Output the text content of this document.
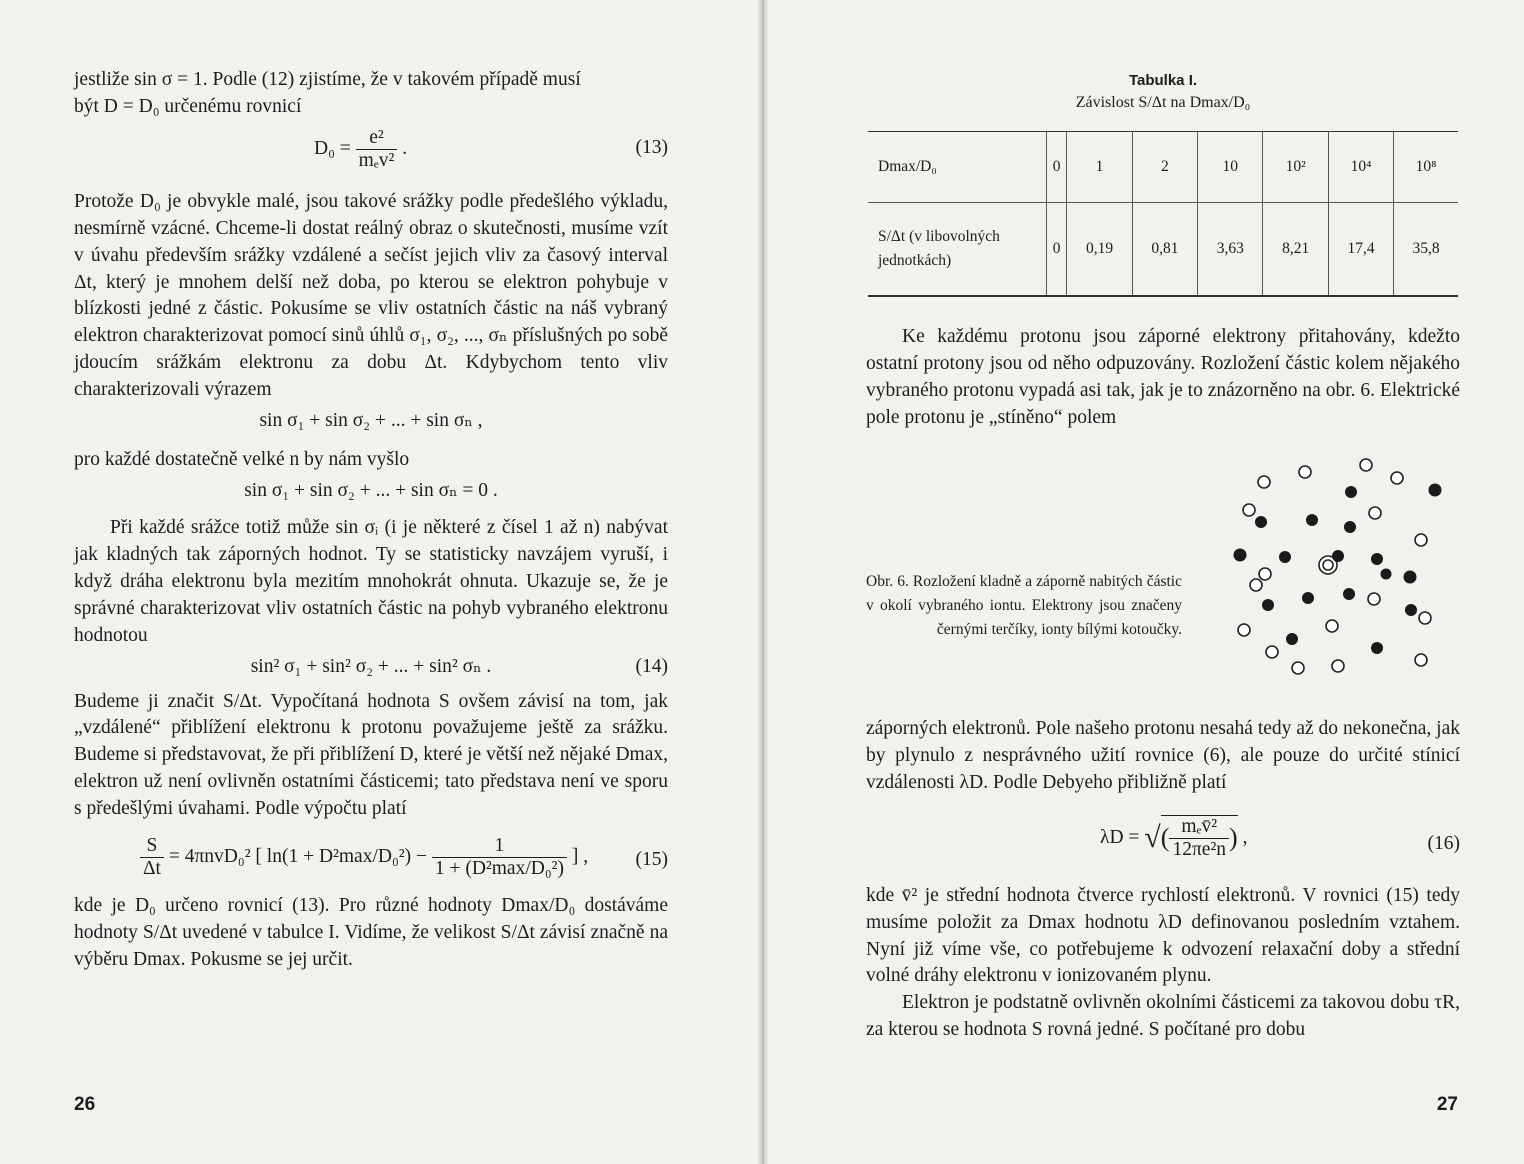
jestliže sin σ = 1. Podle (12) zjistíme, že v takovém případě musí

být D = D₀ určenému rovnicí

$D_0 = \frac{\text{e²}}{\text{mₑv²}}$ .	(13)

Protože D₀ je obvykle malé, jsou takové srážky podle předešlého výkladu, nesmírně vzácné. Chceme-li dostat reálný obraz o skutečnosti, musíme vzít v úvahu především srážky vzdálené a sečíst jejich vliv za časový interval Δt, který je mnohem delší než doba, po kterou se elektron pohybuje v blízkosti jedné z částic. Pokusíme se vliv ostatních částic na náš vybraný elektron charakterizovat pomocí sinů úhlů σ₁, σ₂, ..., σₙ příslušných po sobě jdoucím srážkám elektronu za dobu Δt. Kdybychom tento vliv charakterizovali výrazem

sin σ₁ + sin σ₂ + ... + sin σₙ ,

pro každé dostatečně velké n by nám vyšlo

sin σ₁ + sin σ₂ + ... + sin σₙ = 0 .

Při každé srážce totiž může sin σᵢ (i je některé z čísel 1 až n) nabývat jak kladných tak záporných hodnot. Ty se statisticky navzájem vyruší, i když dráha elektronu byla mezitím mnohokrát ohnuta. Ukazuje se, že je správné charakterizovat vliv ostatních částic na pohyb vybraného elektronu hodnotou

sin² σ₁ + sin² σ₂ + ... + sin² σₙ .	(14)

Budeme ji značit S/Δt. Vypočítaná hodnota S ovšem závisí na tom, jak „vzdálené“ přiblížení elektronu k protonu považujeme ještě za srážku. Budeme si představovat, že při přiblížení D, které je větší než nějaké Dmax, elektron už není ovlivněn ostatními částicemi; tato představa není ve sporu s předešlými úvahami. Podle výpočtu platí

$\frac{S}{\Delta t} = 4\pi nvD_0^2$ [ $\ln(1 + D^2\max/D_0^2) - \frac{1}{\text{1 + (D²max/D₀²)}}$ ] , (15)

kde je D₀ určeno rovnicí (13). Pro různé hodnoty Dmax/D₀ dostáváme hodnoty S/Δt uvedené v tabulce I. Vidíme, že velikost S/Δt závisí značně na výběru Dmax. Pokusme se jej určit.

26
Tabulka I.
Závislost S/Δt na Dmax/D₀
Dmax/D₀	0	1	2	10	10²	10⁴	10⁸
S/Δt (v libovolných
jednotkách)	0	0,19	0,81	3,63	8,21	17,4	35,8

Ke každému protonu jsou záporné elektrony přitahovány, kdežto ostatní protony jsou od něho odpuzovány. Rozložení částic kolem nějakého vybraného protonu vypadá asi tak, jak je to znázorněno na obr. 6. Elektrické pole protonu je „stíněno“ polem

Obr. 6. Rozložení kladně a záporně nabitých částic v okolí vybraného iontu. Elektrony jsou značeny černými terčíky, ionty bílými kotoučky.

záporných elektronů. Pole našeho protonu nesahá tedy až do nekonečna, jak by plynulo z nesprávného užití rovnice (6), ale pouze do určité stínicí vzdálenosti λD. Podle Debyeho přibližně platí

λD = √( $\frac{\text{mₑv̄²}}{\text{12πe²n}}$ ) ,	(16)

kde v̄² je střední hodnota čtverce rychlostí elektronů. V rovnici (15) tedy musíme položit za Dmax hodnotu λD definovanou posledním vztahem. Nyní již víme vše, co potřebujeme k odvození relaxační doby a střední volné dráhy elektronu v ionizovaném plynu.

Elektron je podstatně ovlivněn okolními částicemi za takovou dobu τR, za kterou se hodnota S rovná jedné. S počítané pro dobu

27
